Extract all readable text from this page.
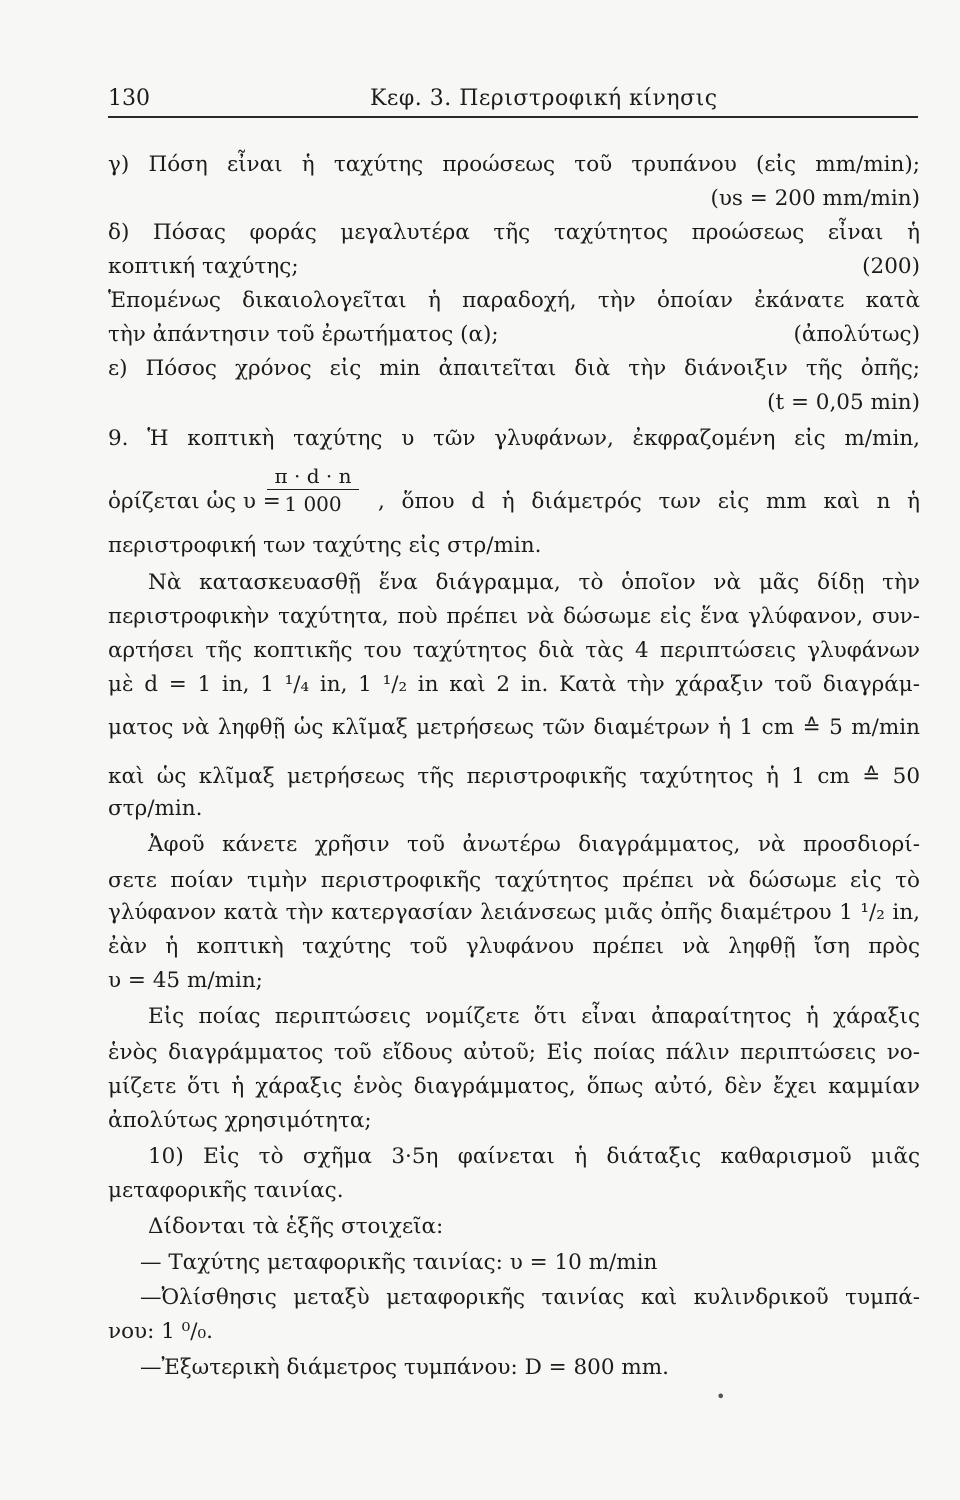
130	Κεφ. 3. Περιστροφική κίνησις
γ) Πόση εἶναι ἡ ταχύτης προώσεως τοῦ τρυπάνου (εἰς mm/min);
(υs = 200 mm/min)
δ) Πόσας φοράς μεγαλυτέρα τῆς ταχύτητος προώσεως εἶναι ἡ
κοπτική ταχύτης;	(200)
Ἑπομένως δικαιολογεῖται ἡ παραδοχή, τὴν ὁποίαν ἐκάνατε κατὰ
τὴν ἀπάντησιν τοῦ ἐρωτήματος (α);	(ἀπολύτως)
ε) Πόσος χρόνος εἰς min ἀπαιτεῖται διὰ τὴν διάνοιξιν τῆς ὀπῆς;
(t = 0,05 min)
9. Ἡ κοπτικὴ ταχύτης υ τῶν γλυφάνων, ἐκφραζομένη εἰς m/min,
ὁρίζεται ὡς υ =
π · d · n
1 000	, ὅπου d ἡ διάμετρός των εἰς mm καὶ n ἡ
περιστροφική των ταχύτης εἰς στρ/min.
Νὰ κατασκευασθῇ ἕνα διάγραμμα, τὸ ὁποῖον νὰ μᾶς δίδῃ τὴν
περιστροφικὴν ταχύτητα, ποὺ πρέπει νὰ δώσωμε εἰς ἕνα γλύφανον, συν-
αρτήσει τῆς κοπτικῆς του ταχύτητος διὰ τὰς 4 περιπτώσεις γλυφάνων
μὲ d = 1 in, 1 ¹/₄ in, 1 ¹/₂ in καὶ 2 in. Κατὰ τὴν χάραξιν τοῦ διαγράμ-
ματος νὰ ληφθῇ ὡς κλῖμαξ μετρήσεως τῶν διαμέτρων ἡ 1 cm ≙ 5 m/min
καὶ ὡς κλῖμαξ μετρήσεως τῆς περιστροφικῆς ταχύτητος ἡ 1 cm ≙ 50
στρ/min.
Ἀφοῦ κάνετε χρῆσιν τοῦ ἀνωτέρω διαγράμματος, νὰ προσδιορί-
σετε ποίαν τιμὴν περιστροφικῆς ταχύτητος πρέπει νὰ δώσωμε εἰς τὸ
γλύφανον κατὰ τὴν κατεργασίαν λειάνσεως μιᾶς ὀπῆς διαμέτρου 1 ¹/₂ in,
ἐὰν ἡ κοπτικὴ ταχύτης τοῦ γλυφάνου πρέπει νὰ ληφθῇ ἴση πρὸς
υ = 45 m/min;
Εἰς ποίας περιπτώσεις νομίζετε ὅτι εἶναι ἀπαραίτητος ἡ χάραξις
ἑνὸς διαγράμματος τοῦ εἴδους αὐτοῦ; Εἰς ποίας πάλιν περιπτώσεις νο-
μίζετε ὅτι ἡ χάραξις ἑνὸς διαγράμματος, ὅπως αὐτό, δὲν ἔχει καμμίαν
ἀπολύτως χρησιμότητα;
10) Εἰς τὸ σχῆμα 3·5η φαίνεται ἡ διάταξις καθαρισμοῦ μιᾶς
μεταφορικῆς ταινίας.
Δίδονται τὰ ἑξῆς στοιχεῖα:
— Ταχύτης μεταφορικῆς ταινίας: υ = 10 m/min
—Ὀλίσθησις μεταξὺ μεταφορικῆς ταινίας καὶ κυλινδρικοῦ τυμπά-
νου: 1 ⁰/₀.
—Ἐξωτερικὴ διάμετρος τυμπάνου: D = 800 mm.
•
